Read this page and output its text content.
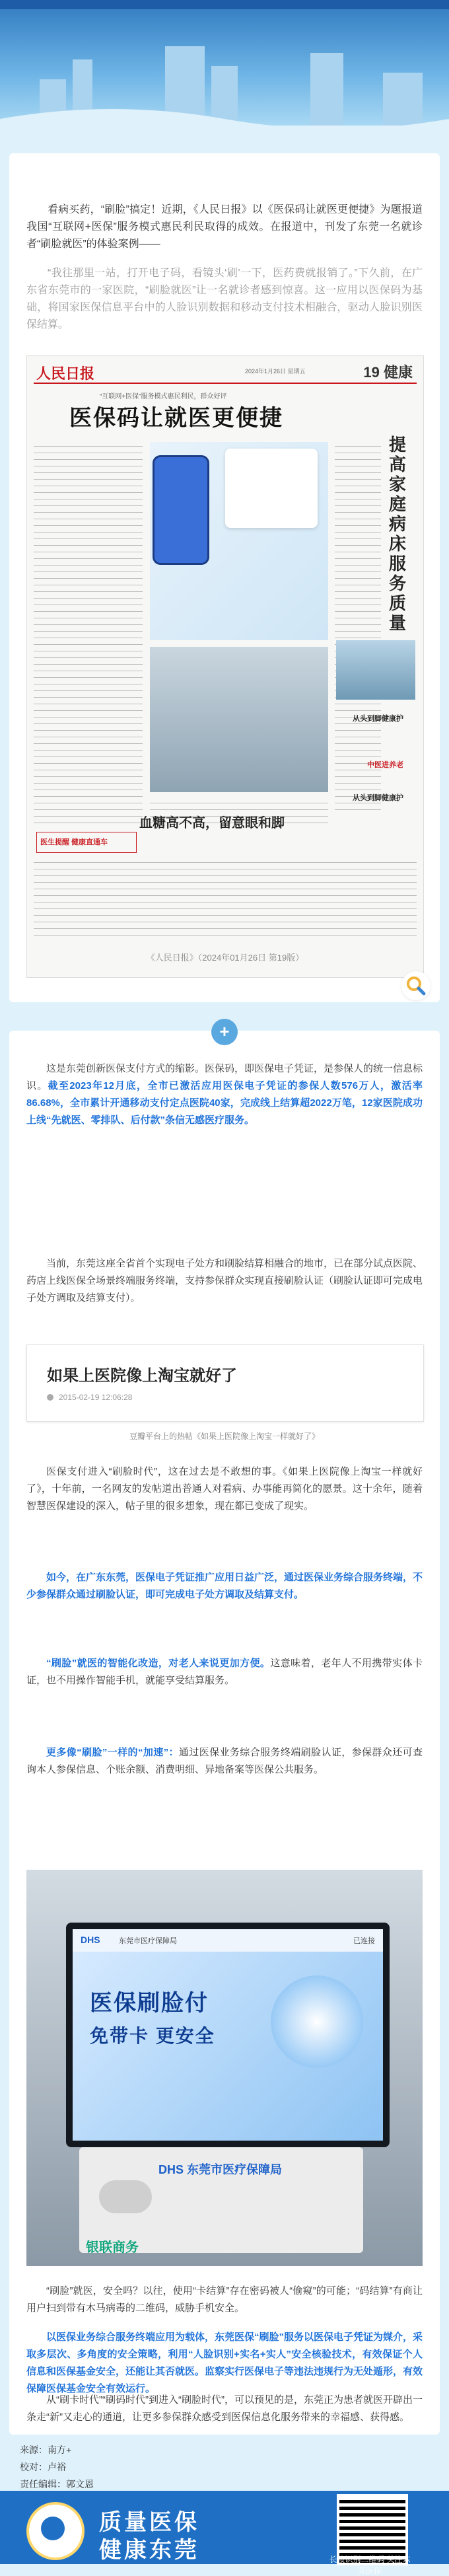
看病买药，“刷脸”搞定！近期，《人民日报》以《医保码让就医更便捷》为题报道我国“互联网+医保”服务模式惠民利民取得的成效。在报道中，刊发了东莞一名就诊者“刷脸就医”的体验案例——

“我往那里一站，打开电子码，看镜头‘刷’一下，医药费就报销了。”下久前，在广东省东莞市的一家医院，“刷脸就医”让一名就诊者感到惊喜。这一应用以医保码为基础，将国家医保信息平台中的人脸识别数据和移动支付技术相融合，驱动人脸识别医保结算。

人民日报	2024年1月26日 星期五	19 健康
“互联网+医保”服务模式惠民利民，群众好评
医保码让就医更便捷
提高家庭病床服务质量
从头到脚健康护
中医进养老
从头到脚健康护
血糖高不高，留意眼和脚
医生提醒 健康直通车
《人民日报》（2024年01月26日 第19版）
+

这是东莞创新医保支付方式的缩影。医保码，即医保电子凭证，是参保人的统一信息标识。截至2023年12月底，全市已激活应用医保电子凭证的参保人数576万人，激活率86.68%，全市累计开通移动支付定点医院40家，完成线上结算超2022万笔，12家医院成功上线“先就医、零排队、后付款”条信无感医疗服务。

当前，东莞这座全省首个实现电子处方和刷脸结算相融合的地市，已在部分试点医院、药店上线医保全场景终端服务终端，支持参保群众实现直接刷脸认证（刷脸认证即可完成电子处方调取及结算支付）。

如果上医院像上淘宝就好了
2015-02-19 12:06:28
豆瓣平台上的热帖《如果上医院像上淘宝一样就好了》

医保支付进入“刷脸时代”，这在过去是不敢想的事。《如果上医院像上淘宝一样就好了》，十年前，一名网友的发帖道出普通人对看病、办事能再简化的愿景。这十余年，随着智慧医保建设的深入，帖子里的很多想象，现在都已变成了现实。

如今，在广东东莞，医保电子凭证推广应用日益广泛，通过医保业务综合服务终端，不少参保群众通过刷脸认证，即可完成电子处方调取及结算支付。

“刷脸”就医的智能化改造，对老人来说更加方便。这意味着，老年人不用携带实体卡证，也不用操作智能手机，就能享受结算服务。

更多像“刷脸”一样的“加速”：通过医保业务综合服务终端刷脸认证，参保群众还可查询本人参保信息、个账余额、消费明细、异地备案等医保公共服务。

DHS	东莞市医疗保障局	已连接
医保刷脸付
免带卡 更安全
DHS 东莞市医疗保障局
银联商务

“刷脸”就医，安全吗？以往，使用“卡结算”存在密码被人“偷窥”的可能；“码结算”有商让用户扫到带有木马病毒的二维码，威胁手机安全。

以医保业务综合服务终端应用为载体，东莞医保“刷脸”服务以医保电子凭证为媒介，采取多层次、多角度的安全策略，利用“人脸识别+实名+实人”安全核验技术，有效保证个人信息和医保基金安全，还能让其否就医。监察实行医保电子等违法违规行为无处遁形，有效保障医保基金安全有效运行。

从“刷卡时代”“刷码时代”到进入“刷脸时代”，可以预见的是，东莞正为患者就医开辟出一条走“新”又走心的通道，让更多参保群众感受到医保信息化服务带来的幸福感、获得感。

来源：南方+
校对：卢裕
责任编辑：郭文恩
质量医保
健康东莞	长按识别二维码 关注东莞医保
